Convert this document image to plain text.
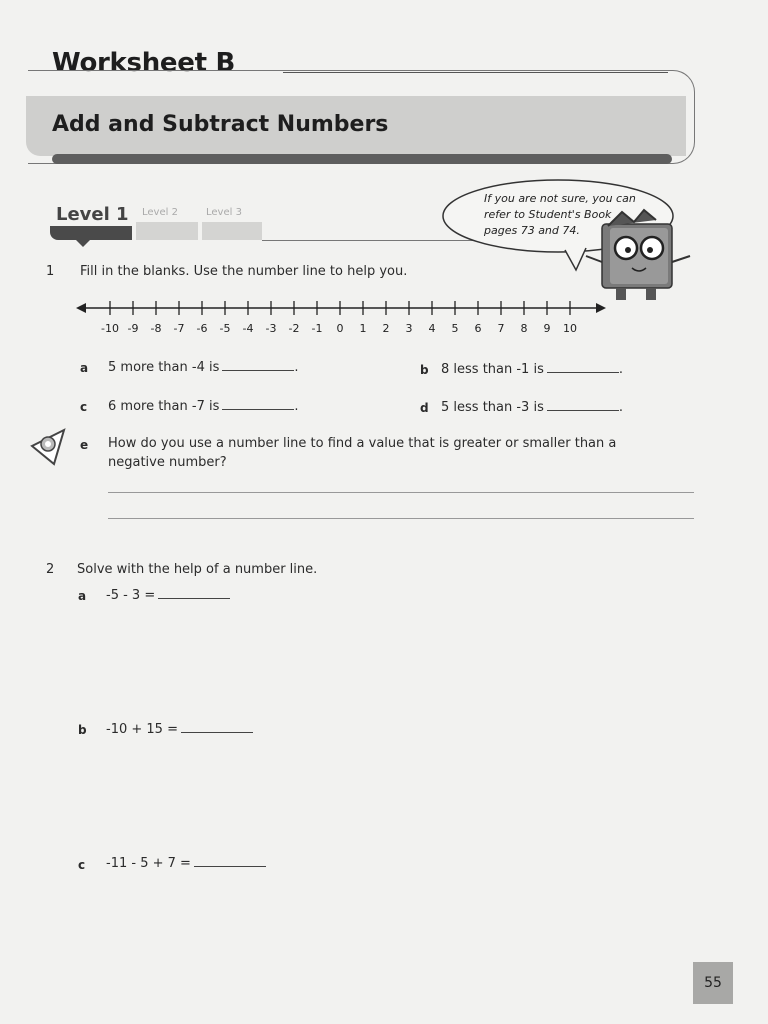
Worksheet B
Add and Subtract Numbers
Level 1 Level 2	Level 3
If you are not sure, you can
refer to Student's Book
pages 73 and 74.
1 Fill in the blanks. Use the number line to help you.
-10 -9 -8 -7 -6 -5 -4 -3 -2 -1 0 1 2 3 4 5 6 7 8 9 10
a 5 more than -4 is	.	b 8 less than -1 is	.
c 6 more than -7 is	.	d 5 less than -3 is	.
e How do you use a number line to find a value that is greater or smaller than a
negative number?
2 Solve with the help of a number line.
a -5 - 3 =
b -10 + 15 =
c -11 - 5 + 7 =
55
